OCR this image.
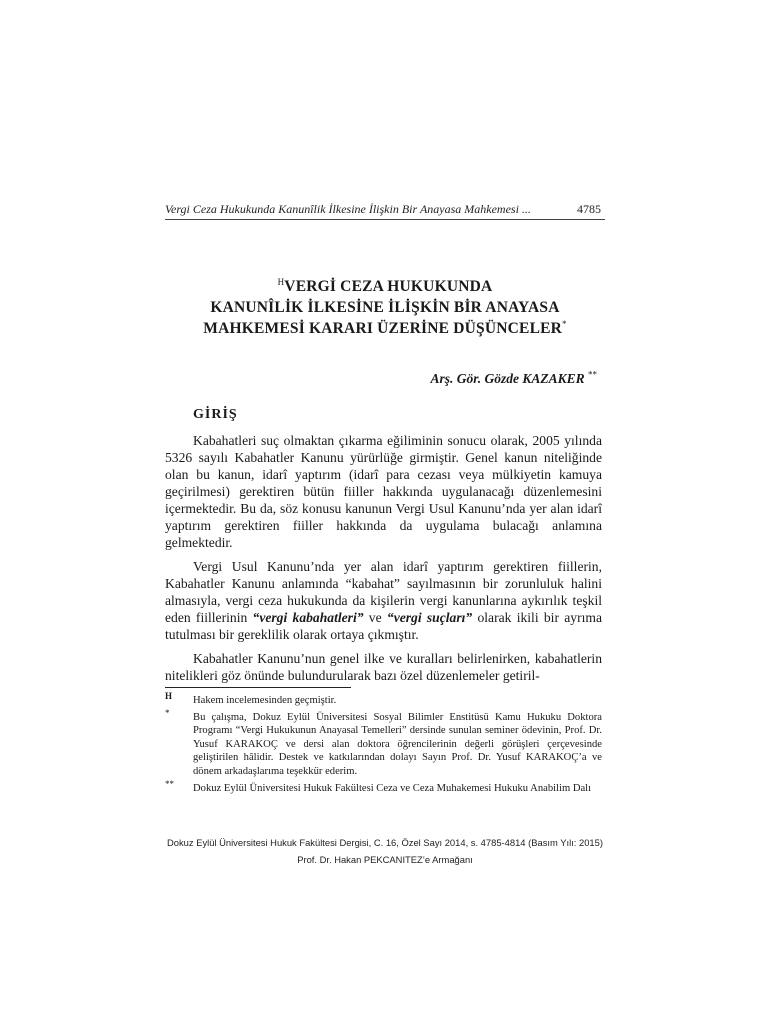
Vergi Ceza Hukukunda Kanunîlik İlkesine İlişkin Bir Anayasa Mahkemesi ...	4785
$^H$VERGİ CEZA HUKUKUNDA
KANUNÎLİK İLKESİNE İLİŞKİN BİR ANAYASA
MAHKEMESİ KARARI ÜZERİNE DÜŞÜNCELER*
Arş. Gör. Gözde KAZAKER **
GİRİŞ

Kabahatleri suç olmaktan çıkarma eğiliminin sonucu olarak, 2005 yılında 5326 sayılı Kabahatler Kanunu yürürlüğe girmiştir. Genel kanun niteliğinde olan bu kanun, idarî yaptırım (idarî para cezası veya mülkiyetin kamuya geçirilmesi) gerektiren bütün fiiller hakkında uygulanacağı düzenlemesini içermektedir. Bu da, söz konusu kanunun Vergi Usul Kanunu’nda yer alan idarî yaptırım gerektiren fiiller hakkında da uygulama bulacağı anlamına gelmektedir.

Vergi Usul Kanunu’nda yer alan idarî yaptırım gerektiren fiillerin, Kabahatler Kanunu anlamında “kabahat” sayılmasının bir zorunluluk halini almasıyla, vergi ceza hukukunda da kişilerin vergi kanunlarına aykırılık teşkil eden fiillerinin “vergi kabahatleri” ve “vergi suçları” olarak ikili bir ayrıma tutulması bir gereklilik olarak ortaya çıkmıştır.

Kabahatler Kanunu’nun genel ilke ve kuralları belirlenirken, kabahatlerin nitelikleri göz önünde bulundurularak bazı özel düzenlemeler getiril-

H Hakem incelemesinden geçmiştir.
* Bu çalışma, Dokuz Eylül Üniversitesi Sosyal Bilimler Enstitüsü Kamu Hukuku Doktora Programı “Vergi Hukukunun Anayasal Temelleri” dersinde sunulan seminer ödevinin, Prof. Dr. Yusuf KARAKOÇ ve dersi alan doktora öğrencilerinin değerli görüşleri çerçevesinde geliştirilen hâlidir. Destek ve katkılarından dolayı Sayın Prof. Dr. Yusuf KARAKOÇ’a ve dönem arkadaşlarıma teşekkür ederim.
** Dokuz Eylül Üniversitesi Hukuk Fakültesi Ceza ve Ceza Muhakemesi Hukuku Anabilim Dalı
Dokuz Eylül Üniversitesi Hukuk Fakültesi Dergisi, C. 16, Özel Sayı 2014, s. 4785-4814 (Basım Yılı: 2015)
Prof. Dr. Hakan PEKCANITEZ’e Armağanı
